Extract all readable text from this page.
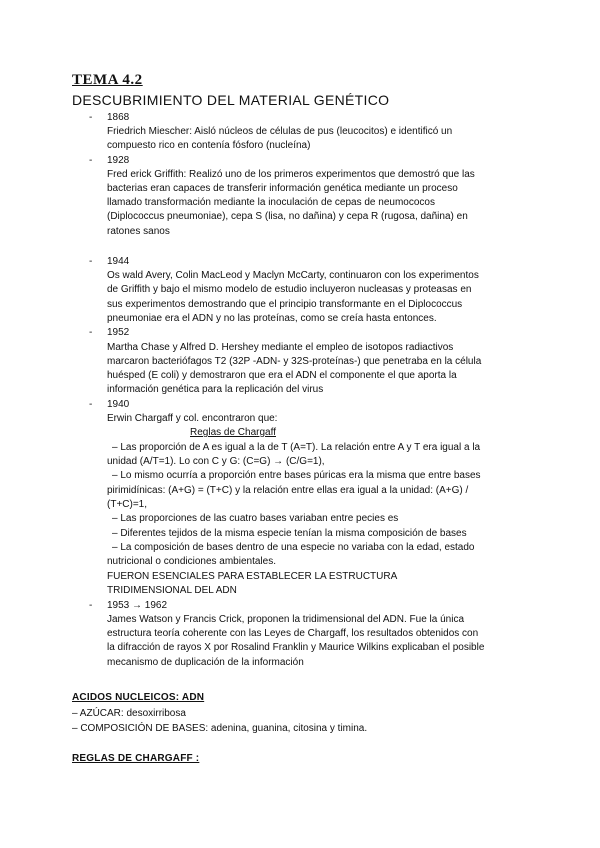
TEMA 4.2
DESCUBRIMIENTO DEL MATERIAL GENÉTICO
- 1868
Friedrich Miescher: Aisló núcleos de células de pus (leucocitos) e identificó un
compuesto rico en contenía fósforo (nucleína)
- 1928
Fred erick Griffith: Realizó uno de los primeros experimentos que demostró que las
bacterias eran capaces de transferir información genética mediante un proceso
llamado transformación mediante la inoculación de cepas de neumococos
(Diplococcus pneumoniae), cepa S (lisa, no dañina) y cepa R (rugosa, dañina) en
ratones sanos
- 1944
Os wald Avery, Colin MacLeod y Maclyn McCarty, continuaron con los experimentos
de Griffith y bajo el mismo modelo de estudio incluyeron nucleasas y proteasas en
sus experimentos demostrando que el principio transformante en el Diplococcus
pneumoniae era el ADN y no las proteínas, como se creía hasta entonces.
- 1952
Martha Chase y Alfred D. Hershey mediante el empleo de isotopos radiactivos
marcaron bacteriófagos T2 (32P -ADN- y 32S-proteínas-) que penetraba en la célula
huésped (E coli) y demostraron que era el ADN el componente el que aporta la
información genética para la replicación del virus
- 1940
Erwin Chargaff y col. encontraron que:
Reglas de Chargaff
– Las proporción de A es igual a la de T (A=T). La relación entre A y T era igual a la
unidad (A/T=1). Lo con C y G: (C=G) → (C/G=1),
– Lo mismo ocurría a proporción entre bases púricas era la misma que entre bases
pirimidínicas: (A+G) = (T+C) y la relación entre ellas era igual a la unidad: (A+G) /
(T+C)=1,
– Las proporciones de las cuatro bases variaban entre pecies es
– Diferentes tejidos de la misma especie tenían la misma composición de bases
– La composición de bases dentro de una especie no variaba con la edad, estado
nutricional o condiciones ambientales.
FUERON ESENCIALES PARA ESTABLECER LA ESTRUCTURA
TRIDIMENSIONAL DEL ADN
- 1953 → 1962
James Watson y Francis Crick, proponen la tridimensional del ADN. Fue la única
estructura teoría coherente con las Leyes de Chargaff, los resultados obtenidos con
la difracción de rayos X por Rosalind Franklin y Maurice Wilkins explicaban el posible
mecanismo de duplicación de la información
ACIDOS NUCLEICOS: ADN
– AZÚCAR: desoxirribosa
– COMPOSICIÓN DE BASES: adenina, guanina, citosina y timina.
REGLAS DE CHARGAFF :
